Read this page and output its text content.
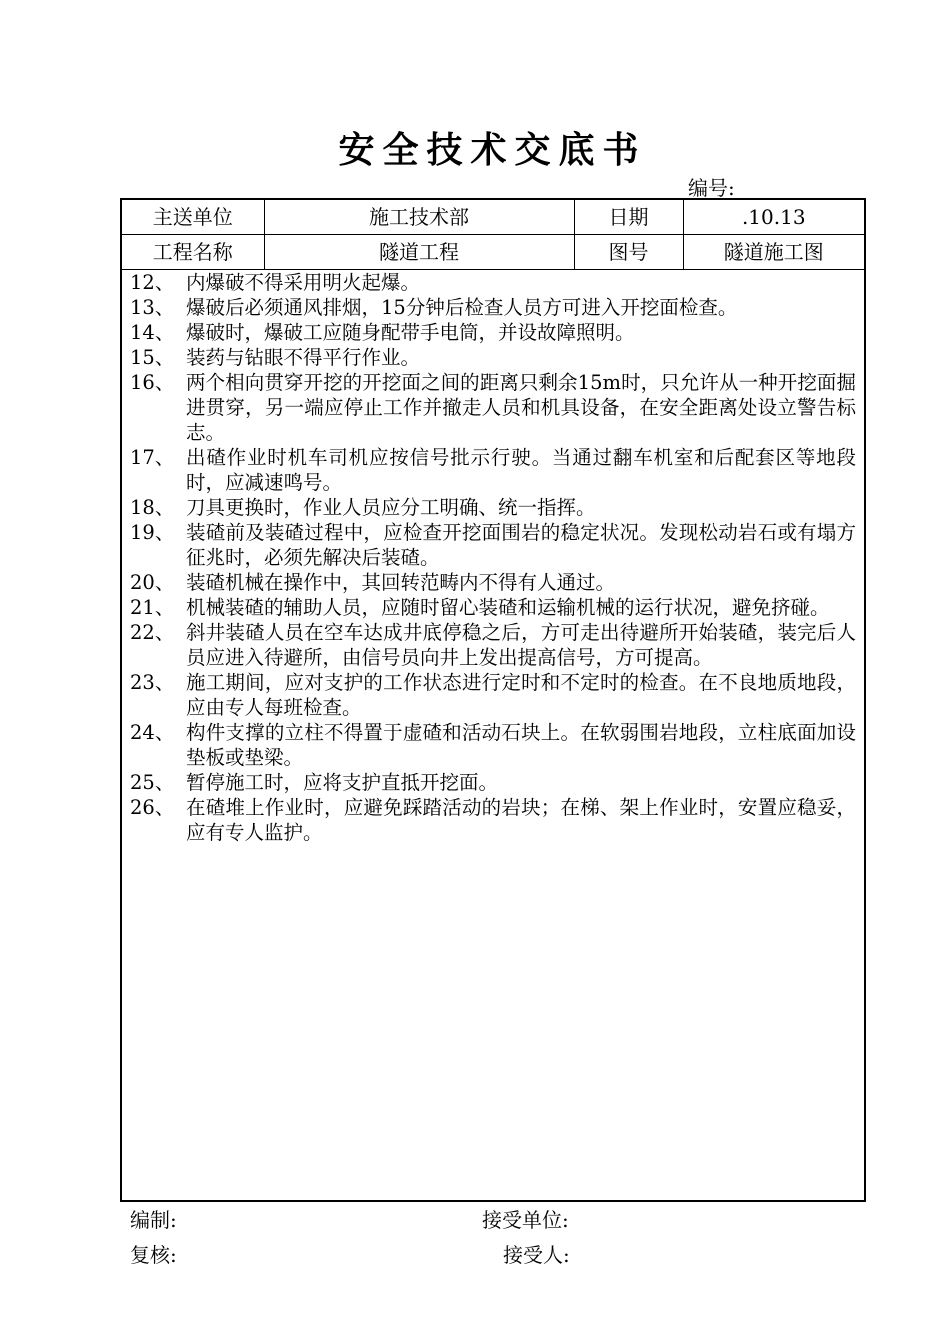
安全技术交底书
编号:
主送单位	施工技术部	日期	.10.13
工程名称	隧道工程	图号	隧道施工图
12、 内爆破不得采用明火起爆。
13、 爆破后必须通风排烟，15分钟后检查人员方可进入开挖面检查。
14、 爆破时，爆破工应随身配带手电筒，并设故障照明。
15、 装药与钻眼不得平行作业。
16、 两个相向贯穿开挖的开挖面之间的距离只剩余15m时，只允许从一种开挖面掘进贯穿，另一端应停止工作并撤走人员和机具设备，在安全距离处设立警告标志。
17、 出碴作业时机车司机应按信号批示行驶。当通过翻车机室和后配套区等地段时，应减速鸣号。
18、 刀具更换时，作业人员应分工明确、统一指挥。
19、 装碴前及装碴过程中，应检查开挖面围岩的稳定状况。发现松动岩石或有塌方征兆时，必须先解决后装碴。
20、 装碴机械在操作中，其回转范畴内不得有人通过。
21、 机械装碴的辅助人员，应随时留心装碴和运输机械的运行状况，避免挤碰。
22、 斜井装碴人员在空车达成井底停稳之后，方可走出待避所开始装碴，装完后人员应进入待避所，由信号员向井上发出提高信号，方可提高。
23、 施工期间，应对支护的工作状态进行定时和不定时的检查。在不良地质地段，应由专人每班检查。
24、 构件支撑的立柱不得置于虚碴和活动石块上。在软弱围岩地段，立柱底面加设垫板或垫梁。
25、 暂停施工时，应将支护直抵开挖面。
26、 在碴堆上作业时，应避免踩踏活动的岩块；在梯、架上作业时，安置应稳妥，应有专人监护。
编制:	接受单位:
复核:	接受人:
